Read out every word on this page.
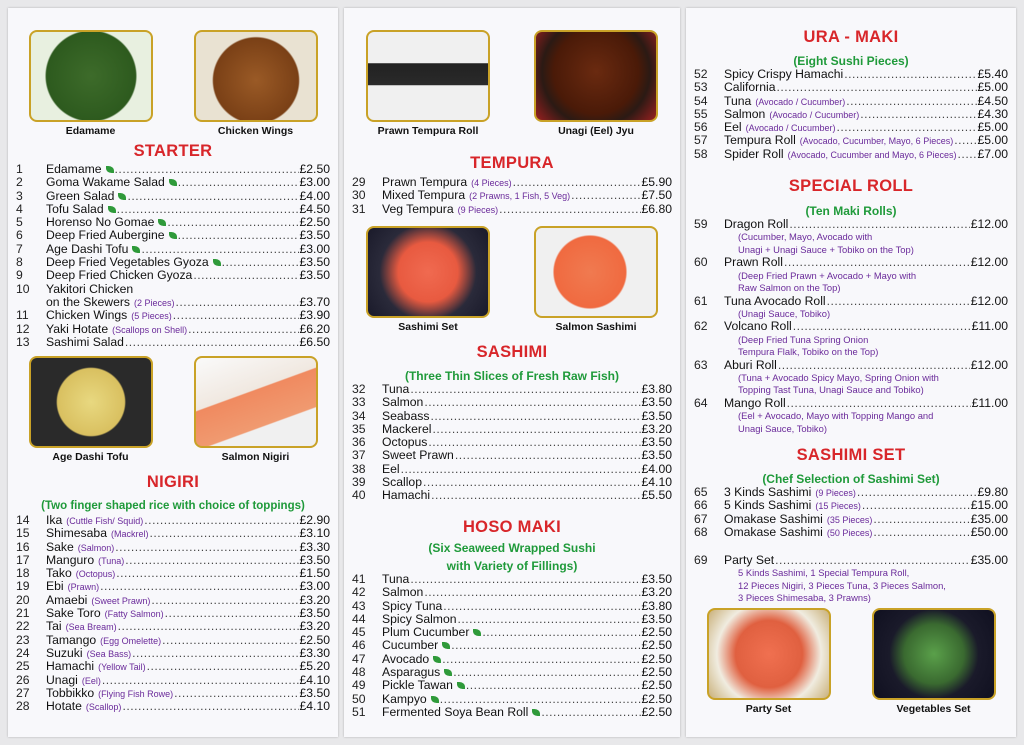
Edamame	Chicken Wings
STARTER
1	Edamame .....	£2.50
2	Goma Wakame Salad .....	£3.00
3	Green Salad .....	£4.00
4	Tofu Salad .....	£4.50
5	Horenso No Gomae .....	£2.50
6	Deep Fried Aubergine .....	£3.50
7	Age Dashi Tofu .....	£3.00
8	Deep Fried Vegetables Gyoza .....	£3.50
9	Deep Fried Chicken Gyoza .....	£3.50
10	Yakitori Chicken
on the Skewers (2 Pieces) .....	£3.70
11	Chicken Wings (5 Pieces) .....	£3.90
12	Yaki Hotate (Scallops on Shell) .....	£6.20
13	Sashimi Salad .....	£6.50
Age Dashi Tofu	Salmon Nigiri
NIGIRI
(Two finger shaped rice with choice of toppings)
14	Ika (Cuttle Fish/ Squid) .....	£2.90
15	Shimesaba (Mackrel) .....	£3.10
16	Sake (Salmon) .....	£3.30
17	Manguro (Tuna) .....	£3.50
18	Tako (Octopus) .....	£1.50
19	Ebi (Prawn) .....	£3.00
20	Amaebi (Sweet Prawn) .....	£3.20
21	Sake Toro (Fatty Salmon) .....	£3.50
22	Tai (Sea Bream) .....	£3.20
23	Tamango (Egg Omelette) .....	£2.50
24	Suzuki (Sea Bass) .....	£3.30
25	Hamachi (Yellow Tail) .....	£5.20
26	Unagi (Eel) .....	£4.10
27	Tobbikko (Flying Fish Rowe) .....	£3.50
28	Hotate (Scallop) .....	£4.10
Prawn Tempura Roll	Unagi (Eel) Jyu
TEMPURA
29	Prawn Tempura (4 Pieces) .....	£5.90
30	Mixed Tempura (2 Prawns, 1 Fish, 5 Veg) .....	£7.50
31	Veg Tempura (9 Pieces) .....	£6.80
Sashimi Set	Salmon Sashimi
SASHIMI
(Three Thin Slices of Fresh Raw Fish)
32	Tuna .....	£3.80
33	Salmon .....	£3.50
34	Seabass .....	£3.50
35	Mackerel .....	£3.20
36	Octopus .....	£3.50
37	Sweet Prawn .....	£3.50
38	Eel .....	£4.00
39	Scallop .....	£4.10
40	Hamachi .....	£5.50
HOSO MAKI
(Six Seaweed Wrapped Sushi
with Variety of Fillings)
41	Tuna .....	£3.50
42	Salmon .....	£3.20
43	Spicy Tuna .....	£3.80
44	Spicy Salmon .....	£3.50
45	Plum Cucumber .....	£2.50
46	Cucumber .....	£2.50
47	Avocado .....	£2.50
48	Asparagus .....	£2.50
49	Pickle Tawan .....	£2.50
50	Kampyo .....	£2.50
51	Fermented Soya Bean Roll .....	£2.50
URA - MAKI
(Eight Sushi Pieces)
52	Spicy Crispy Hamachi .....	£5.40
53	California .....	£5.00
54	Tuna (Avocado / Cucumber) .....	£4.50
55	Salmon (Avocado / Cucumber) .....	£4.30
56	Eel (Avocado / Cucumber) .....	£5.00
57	Tempura Roll (Avocado, Cucumber, Mayo, 6 Pieces) ..... £5.00
58	Spider Roll (Avocado, Cucumber and Mayo, 6 Pieces) ..... £7.00
SPECIAL ROLL
(Ten Maki Rolls)
59	Dragon Roll .....	£12.00
(Cucumber, Mayo, Avocado with
Unagi + Unagi Sauce + Tobiko on the Top)
60	Prawn Roll .....	£12.00
(Deep Fried Prawn + Avocado + Mayo with
Raw Salmon on the Top)
61	Tuna Avocado Roll .....	£12.00
(Unagi Sauce, Tobiko)
62	Volcano Roll .....	£11.00
(Deep Fried Tuna Spring Onion
Tempura Flalk, Tobiko on the Top)
63	Aburi Roll .....	£12.00
(Tuna + Avocado Spicy Mayo, Spring Onion with
Topping Tast Tuna, Unagi Sauce and Tobiko)
64	Mango Roll .....	£11.00
(Eel + Avocado, Mayo with Topping Mango and
Unagi Sauce, Tobiko)
SASHIMI SET
(Chef Selection of Sashimi Set)
65	3 Kinds Sashimi (9 Pieces) .....	£9.80
66	5 Kinds Sashimi (15 Pieces) .....	£15.00
67	Omakase Sashimi (35 Pieces) .....	£35.00
68	Omakase Sashimi (50 Pieces) .....	£50.00
69	Party Set .....	£35.00
5 Kinds Sashimi, 1 Special Tempura Roll,
12 Pieces Nigiri, 3 Pieces Tuna, 3 Pieces Salmon,
3 Pieces Shimesaba, 3 Prawns)
Party Set	Vegetables Set
